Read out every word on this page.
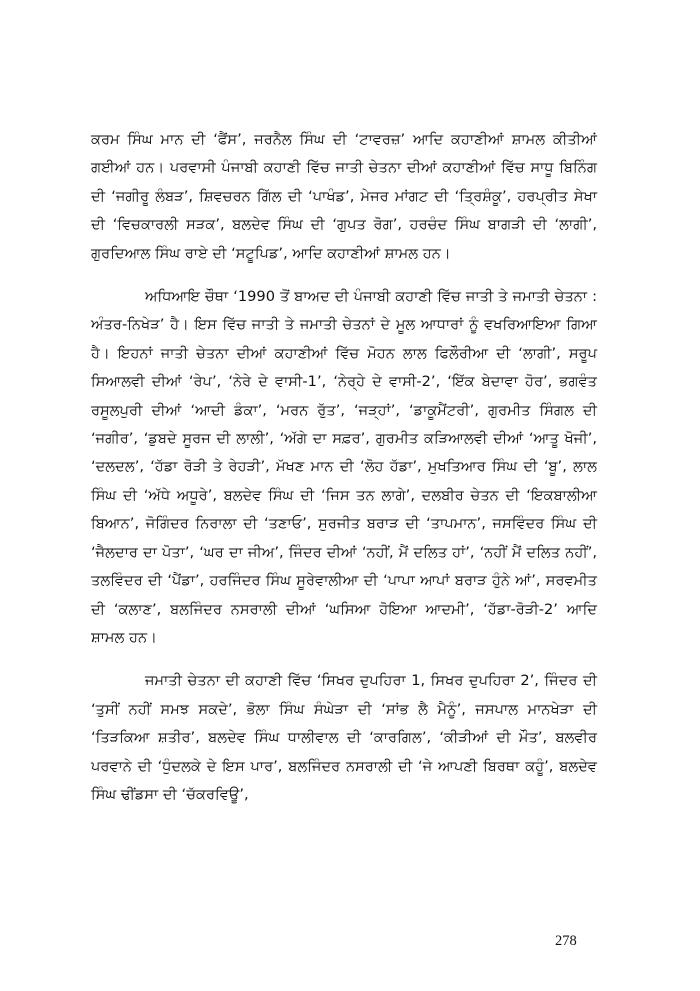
ਕਰਮ ਸਿੰਘ ਮਾਨ ਦੀ ‘ਫੈਂਸ’, ਜਰਨੈਲ ਸਿੰਘ ਦੀ ‘ਟਾਵਰਜ਼’ ਆਦਿ ਕਹਾਣੀਆਂ ਸ਼ਾਮਲ ਕੀਤੀਆਂ ਗਈਆਂ ਹਨ। ਪਰਵਾਸੀ ਪੰਜਾਬੀ ਕਹਾਣੀ ਵਿੱਚ ਜਾਤੀ ਚੇਤਨਾ ਦੀਆਂ ਕਹਾਣੀਆਂ ਵਿੱਚ ਸਾਧੂ ਬਿਨਿੰਗ ਦੀ ‘ਜਗੀਰੂ ਲੰਬੜ’, ਸ਼ਿਵਚਰਨ ਗਿੱਲ ਦੀ ‘ਪਾਖੰਡ’, ਮੇਜਰ ਮਾਂਗਟ ਦੀ ‘ਤ੍ਰਿਸ਼ੰਕੂ’, ਹਰਪ੍ਰੀਤ ਸੇਖਾ ਦੀ ‘ਵਿਚਕਾਰਲੀ ਸੜਕ’, ਬਲਦੇਵ ਸਿੰਘ ਦੀ ‘ਗੁਪਤ ਰੋਗ’, ਹਰਚੰਦ ਸਿੰਘ ਬਾਗੜੀ ਦੀ ‘ਲਾਗੀ’, ਗੁਰਦਿਆਲ ਸਿੰਘ ਰਾਏ ਦੀ ‘ਸਟੂਪਿਡ’, ਆਦਿ ਕਹਾਣੀਆਂ ਸ਼ਾਮਲ ਹਨ।

ਅਧਿਆਇ ਚੌਥਾ ‘1990 ਤੋਂ ਬਾਅਦ ਦੀ ਪੰਜਾਬੀ ਕਹਾਣੀ ਵਿੱਚ ਜਾਤੀ ਤੇ ਜਮਾਤੀ ਚੇਤਨਾ : ਅੰਤਰ-ਨਿਖੇੜ’ ਹੈ। ਇਸ ਵਿੱਚ ਜਾਤੀ ਤੇ ਜਮਾਤੀ ਚੇਤਨਾਂ ਦੇ ਮੂਲ ਆਧਾਰਾਂ ਨੂੰ ਵਖਰਿਆਇਆ ਗਿਆ ਹੈ। ਇਹਨਾਂ ਜਾਤੀ ਚੇਤਨਾ ਦੀਆਂ ਕਹਾਣੀਆਂ ਵਿੱਚ ਮੋਹਨ ਲਾਲ ਫਿਲੌਰੀਆ ਦੀ ‘ਲਾਗੀ’, ਸਰੂਪ ਸਿਆਲਵੀ ਦੀਆਂ ‘ਰੇਪ’, ‘ਨੇਰੇ ਦੇ ਵਾਸੀ-1’, ‘ਨੇਰ੍ਹੇ ਦੇ ਵਾਸੀ-2’, ‘ਇੱਕ ਬੇਦਾਵਾ ਹੋਰ’, ਭਗਵੰਤ ਰਸੂਲਪੁਰੀ ਦੀਆਂ ‘ਆਦੀ ਡੰਕਾ’, ‘ਮਰਨ ਰੁੱਤ’, ‘ਜੜ੍ਹਾਂ’, ‘ਡਾਕੂਮੈਂਟਰੀ’, ਗੁਰਮੀਤ ਸਿੰਗਲ ਦੀ ‘ਜਗੀਰ’, ‘ਡੁਬਦੇ ਸੂਰਜ ਦੀ ਲਾਲੀ’, ‘ਅੱਗੇ ਦਾ ਸਫ਼ਰ’, ਗੁਰਮੀਤ ਕੜਿਆਲਵੀ ਦੀਆਂ ‘ਆਤੂ ਖੋਜੀ’, ‘ਦਲਦਲ’, ‘ਹੱਡਾ ਰੋੜੀ ਤੇ ਰੇਹੜੀ’, ਮੱਖਣ ਮਾਨ ਦੀ ‘ਲੋਹ ਹੱਡਾ’, ਮੁਖਤਿਆਰ ਸਿੰਘ ਦੀ ‘ਬੂ’, ਲਾਲ ਸਿੰਘ ਦੀ ‘ਅੱਧੇ ਅਧੂਰੇ’, ਬਲਦੇਵ ਸਿੰਘ ਦੀ ‘ਜਿਸ ਤਨ ਲਾਗੇ’, ਦਲਬੀਰ ਚੇਤਨ ਦੀ ‘ਇਕਬਾਲੀਆ ਬਿਆਨ’, ਜੋਗਿੰਦਰ ਨਿਰਾਲਾ ਦੀ ‘ਤਣਾਓ’, ਸੁਰਜੀਤ ਬਰਾੜ ਦੀ ‘ਤਾਪਮਾਨ’, ਜਸਵਿੰਦਰ ਸਿੰਘ ਦੀ ‘ਜੈਲਦਾਰ ਦਾ ਪੋਤਾ’, ‘ਘਰ ਦਾ ਜੀਅ’, ਜਿੰਦਰ ਦੀਆਂ ‘ਨਹੀਂ, ਮੈਂ ਦਲਿਤ ਹਾਂ’, ‘ਨਹੀਂ ਮੈਂ ਦਲਿਤ ਨਹੀਂ’, ਤਲਵਿੰਦਰ ਦੀ ‘ਪੈਂਡਾ’, ਹਰਜਿੰਦਰ ਸਿੰਘ ਸੂਰੇਵਾਲੀਆ ਦੀ ‘ਪਾਪਾ ਆਪਾਂ ਬਰਾੜ ਹੁੰਨੇ ਆਂ’, ਸਰਵਮੀਤ ਦੀ ‘ਕਲਾਣ’, ਬਲਜਿੰਦਰ ਨਸਰਾਲੀ ਦੀਆਂ ‘ਘਸਿਆ ਹੋਇਆ ਆਦਮੀ’, ‘ਹੱਡਾ-ਰੋੜੀ-2’ ਆਦਿ ਸ਼ਾਮਲ ਹਨ।

ਜਮਾਤੀ ਚੇਤਨਾ ਦੀ ਕਹਾਣੀ ਵਿੱਚ ‘ਸਿਖਰ ਦੁਪਹਿਰਾ 1, ਸਿਖਰ ਦੁਪਹਿਰਾ 2’, ਜਿੰਦਰ ਦੀ ‘ਤੁਸੀਂ ਨਹੀਂ ਸਮਝ ਸਕਦੇ’, ਭੋਲਾ ਸਿੰਘ ਸੰਘੇੜਾ ਦੀ ‘ਸਾਂਭ ਲੈ ਮੈਨੂੰ’, ਜਸਪਾਲ ਮਾਨਖੇੜਾ ਦੀ ‘ਤਿੜਕਿਆ ਸ਼ਤੀਰ’, ਬਲਦੇਵ ਸਿੰਘ ਧਾਲੀਵਾਲ ਦੀ ‘ਕਾਰਗਿਲ’, ‘ਕੀੜੀਆਂ ਦੀ ਮੌਤ’, ਬਲਵੀਰ ਪਰਵਾਨੇ ਦੀ ‘ਧੁੰਦਲਕੇ ਦੇ ਇਸ ਪਾਰ’, ਬਲਜਿੰਦਰ ਨਸਰਾਲੀ ਦੀ ‘ਜੇ ਆਪਣੀ ਬਿਰਥਾ ਕਹੂੰ’, ਬਲਦੇਵ ਸਿੰਘ ਢੀਂਡਸਾ ਦੀ ‘ਚੱਕਰਵਿਊ’,

278
